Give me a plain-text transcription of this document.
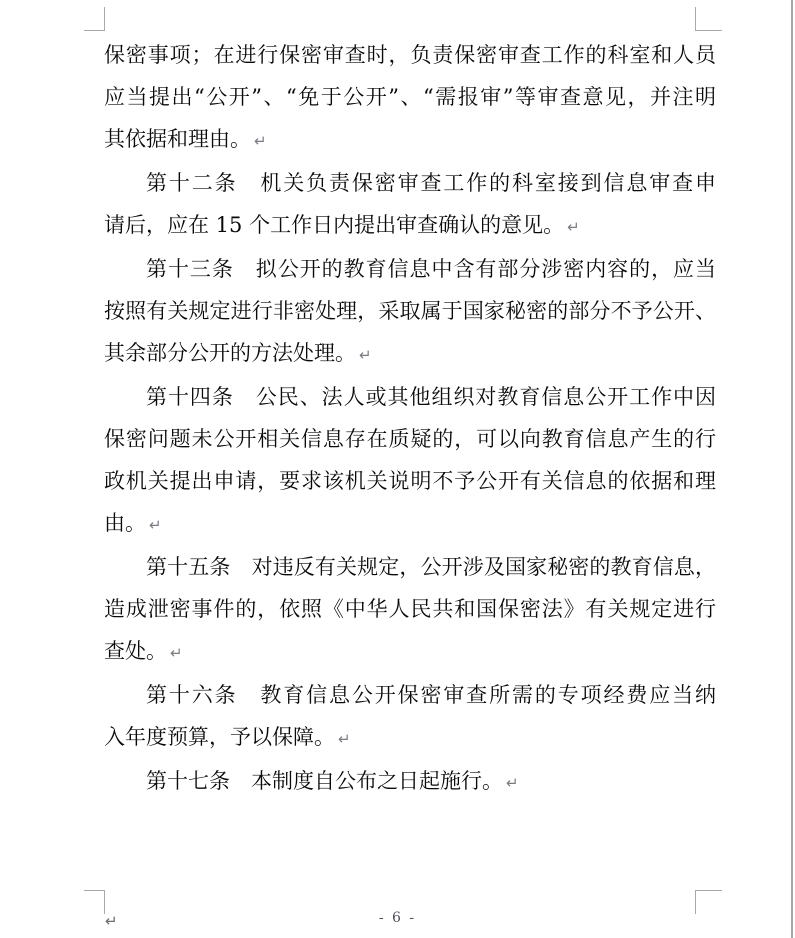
保密事项；在进行保密审查时，负责保密审查工作的科室和人员
应当提出“公开”、“免于公开”、“需报审”等审查意见，并注明
其依据和理由。 ↵

第十二条　机关负责保密审查工作的科室接到信息审查申
请后，应在 15 个工作日内提出审查确认的意见。 ↵

第十三条　拟公开的教育信息中含有部分涉密内容的，应当
按照有关规定进行非密处理，采取属于国家秘密的部分不予公开、
其余部分公开的方法处理。 ↵

第十四条　公民、法人或其他组织对教育信息公开工作中因
保密问题未公开相关信息存在质疑的，可以向教育信息产生的行
政机关提出申请，要求该机关说明不予公开有关信息的依据和理
由。 ↵

第十五条　对违反有关规定，公开涉及国家秘密的教育信息，
造成泄密事件的，依照《中华人民共和国保密法》有关规定进行
查处。 ↵

第十六条　教育信息公开保密审查所需的专项经费应当纳
入年度预算，予以保障。 ↵

第十七条　本制度自公布之日起施行。 ↵

↵	- 6 -
